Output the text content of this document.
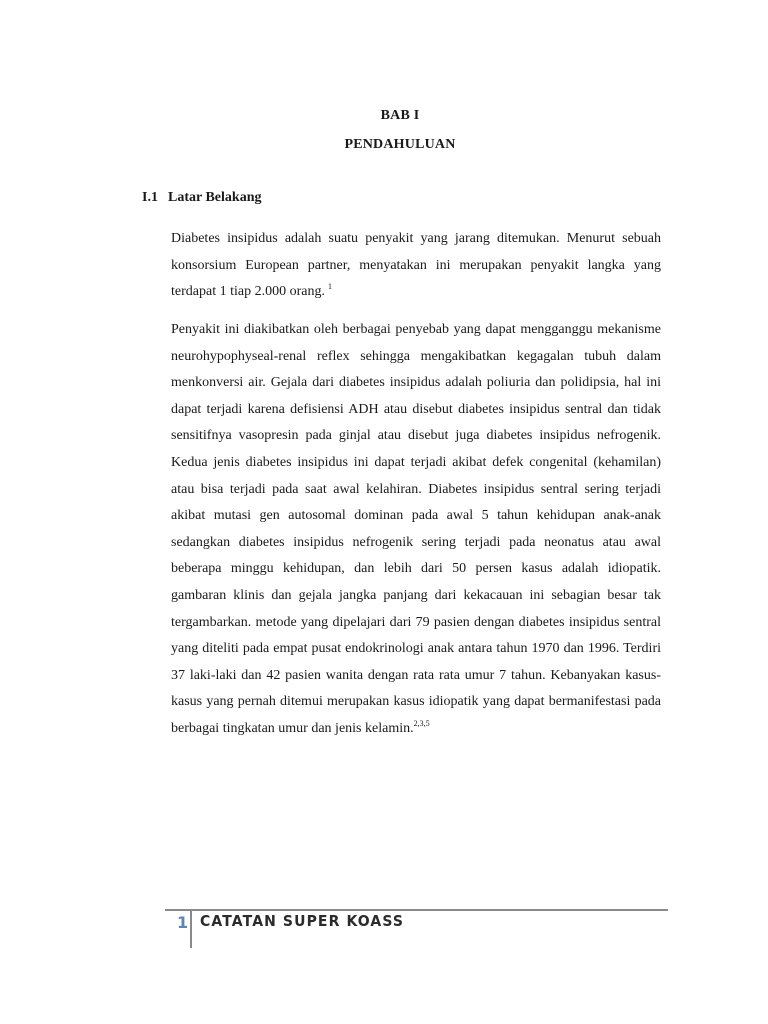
BAB I
PENDAHULUAN
I.1 Latar Belakang

Diabetes insipidus adalah suatu penyakit yang jarang ditemukan. Menurut sebuah konsorsium European partner, menyatakan ini merupakan penyakit langka yang terdapat 1 tiap 2.000 orang. $^1$

Penyakit ini diakibatkan oleh berbagai penyebab yang dapat mengganggu mekanisme neurohypophyseal-renal reflex sehingga mengakibatkan kegagalan tubuh dalam menkonversi air. Gejala dari diabetes insipidus adalah poliuria dan polidipsia, hal ini dapat terjadi karena defisiensi ADH atau disebut diabetes insipidus sentral dan tidak sensitifnya vasopresin pada ginjal atau disebut juga diabetes insipidus nefrogenik. Kedua jenis diabetes insipidus ini dapat terjadi akibat defek congenital (kehamilan) atau bisa terjadi pada saat awal kelahiran. Diabetes insipidus sentral sering terjadi akibat mutasi gen autosomal dominan pada awal 5 tahun kehidupan anak-anak sedangkan diabetes insipidus nefrogenik sering terjadi pada neonatus atau awal beberapa minggu kehidupan, dan lebih dari 50 persen kasus adalah idiopatik. gambaran klinis dan gejala jangka panjang dari kekacauan ini sebagian besar tak tergambarkan. metode yang dipelajari dari 79 pasien dengan diabetes insipidus sentral yang diteliti pada empat pusat endokrinologi anak antara tahun 1970 dan 1996. Terdiri 37 laki-laki dan 42 pasien wanita dengan rata rata umur 7 tahun. Kebanyakan kasus-kasus yang pernah ditemui merupakan kasus idiopatik yang dapat bermanifestasi pada berbagai tingkatan umur dan jenis kelamin.$^{2,3,5}$

1 CATATAN SUPER KOASS
